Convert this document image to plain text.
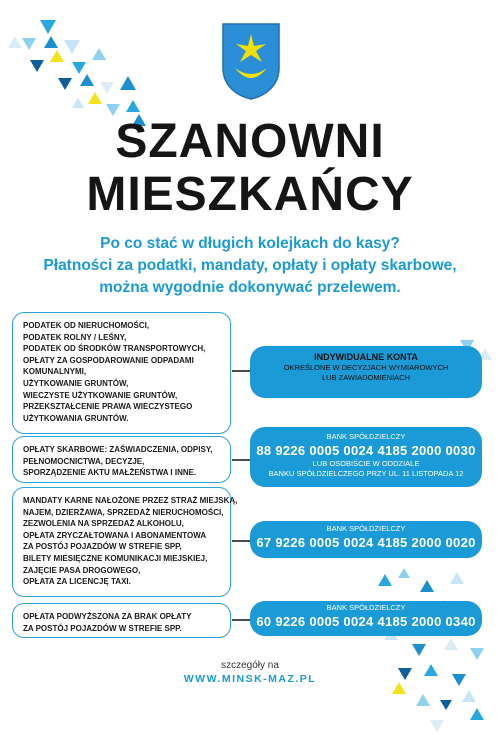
SZANOWNI
MIESZKAŃCY
Po co stać w długich kolejkach do kasy?
Płatności za podatki, mandaty, opłaty i opłaty skarbowe,
można wygodnie dokonywać przelewem.
PODATEK OD NIERUCHOMOŚCI,
PODATEK ROLNY / LEŚNY,
PODATEK OD ŚRODKÓW TRANSPORTOWYCH,
OPŁATY ZA GOSPODAROWANIE ODPADAMI
KOMUNALNYMI,
UŻYTKOWANIE GRUNTÓW,
WIECZYSTE UŻYTKOWANIE GRUNTÓW,
PRZEKSZTAŁCENIE PRAWA WIECZYSTEGO
UŻYTKOWANIA GRUNTÓW.
INDYWIDUALNE KONTA
OKREŚLONE W DECYZJACH WYMIAROWYCH
LUB ZAWIADOMIENIACH
OPŁATY SKARBOWE: ZAŚWIADCZENIA, ODPISY,
PEŁNOMOCNICTWA, DECYZJE,
SPORZĄDZENIE AKTU MAŁŻEŃSTWA I INNE.
BANK SPÓŁDZIELCZY
88 9226 0005 0024 4185 2000 0030
LUB OSOBIŚCIE W ODDZIALE
BANKU SPÓŁDZIELCZEGO PRZY UL. 11 LISTOPADA 12
MANDATY KARNE NAŁOŻONE PRZEZ STRAŻ MIEJSKĄ,
NAJEM, DZIERŻAWA, SPRZEDAŻ NIERUCHOMOŚCI,
ZEZWOLENIA NA SPRZEDAŻ ALKOHOLU,
OPŁATA ZRYCZAŁTOWANA I ABONAMENTOWA
ZA POSTÓJ POJAZDÓW W STREFIE SPP,
BILETY MIESIĘCZNE KOMUNIKACJI MIEJSKIEJ,
ZAJĘCIE PASA DROGOWEGO,
OPŁATA ZA LICENCJĘ TAXI.
BANK SPÓŁDZIELCZY
67 9226 0005 0024 4185 2000 0020
OPŁATA PODWYŻSZONA ZA BRAK OPŁATY
ZA POSTÓJ POJAZDÓW W STREFIE SPP.
BANK SPÓŁDZIELCZY
60 9226 0005 0024 4185 2000 0340
szczegóły na
WWW.MINSK-MAZ.PL
